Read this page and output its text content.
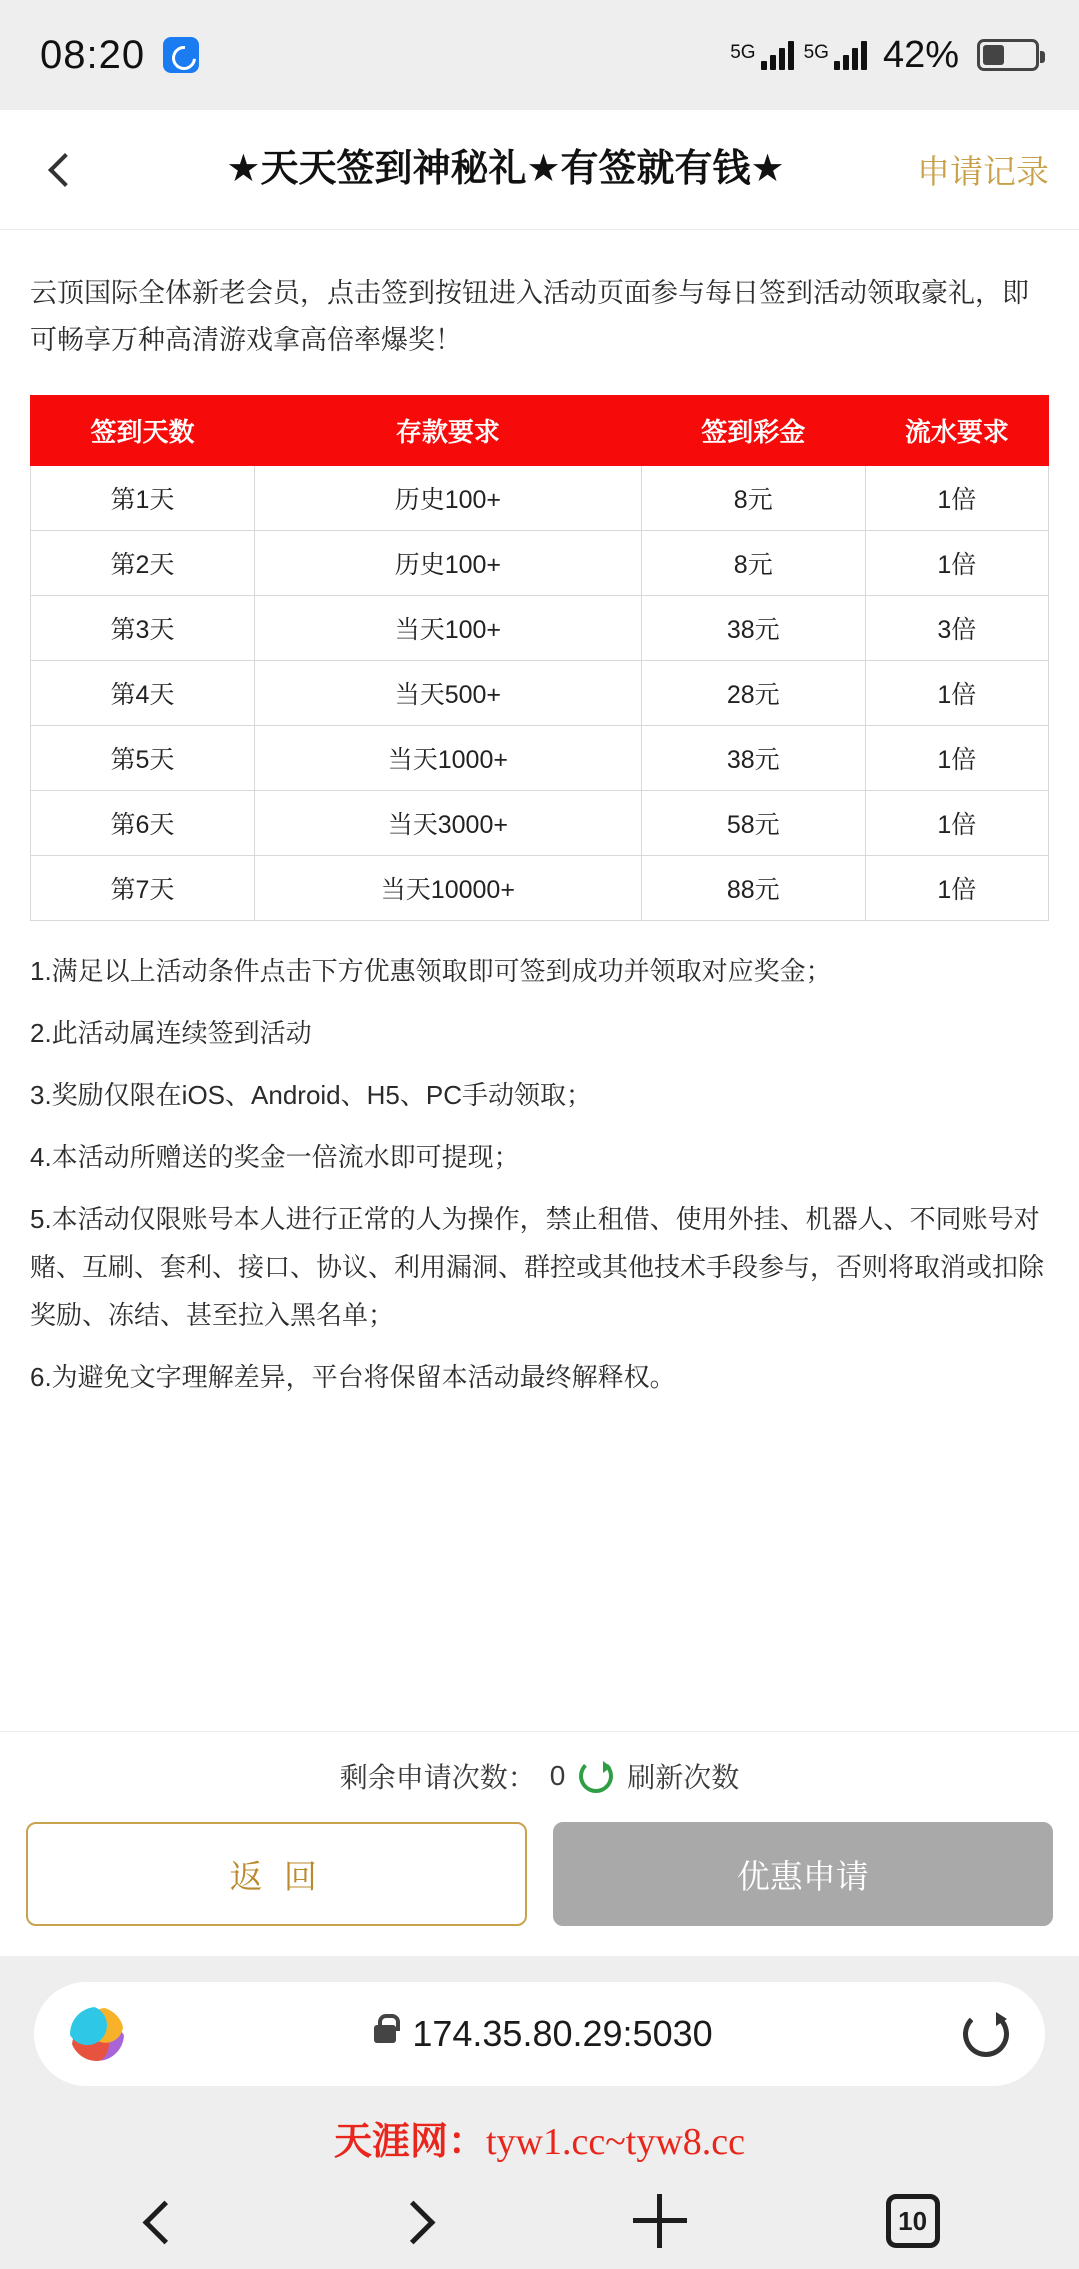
08:20	5G	5G 42%
★天天签到神秘礼★有签就有钱★	申请记录
云顶国际全体新老会员，点击签到按钮进入活动页面参与每日签到活动领取豪礼，即可畅享万种高清游戏拿高倍率爆奖！
签到天数	存款要求	签到彩金	流水要求
第1天	历史100+	8元	1倍
第2天	历史100+	8元	1倍
第3天	当天100+	38元	3倍
第4天	当天500+	28元	1倍
第5天	当天1000+	38元	1倍
第6天	当天3000+	58元	1倍
第7天	当天10000+	88元	1倍
1.满足以上活动条件点击下方优惠领取即可签到成功并领取对应奖金；
2.此活动属连续签到活动
3.奖励仅限在iOS、Android、H5、PC手动领取；
4.本活动所赠送的奖金一倍流水即可提现；
5.本活动仅限账号本人进行正常的人为操作，禁止租借、使用外挂、机器人、不同账号对赌、互刷、套利、接口、协议、利用漏洞、群控或其他技术手段参与，否则将取消或扣除奖励、冻结、甚至拉入黑名单；
6.为避免文字理解差异，平台将保留本活动最终解释权。
剩余申请次数： 0 刷新次数
返 回	优惠申请
174.35.80.29:5030
天涯网：tyw1.cc~tyw8.cc
10
